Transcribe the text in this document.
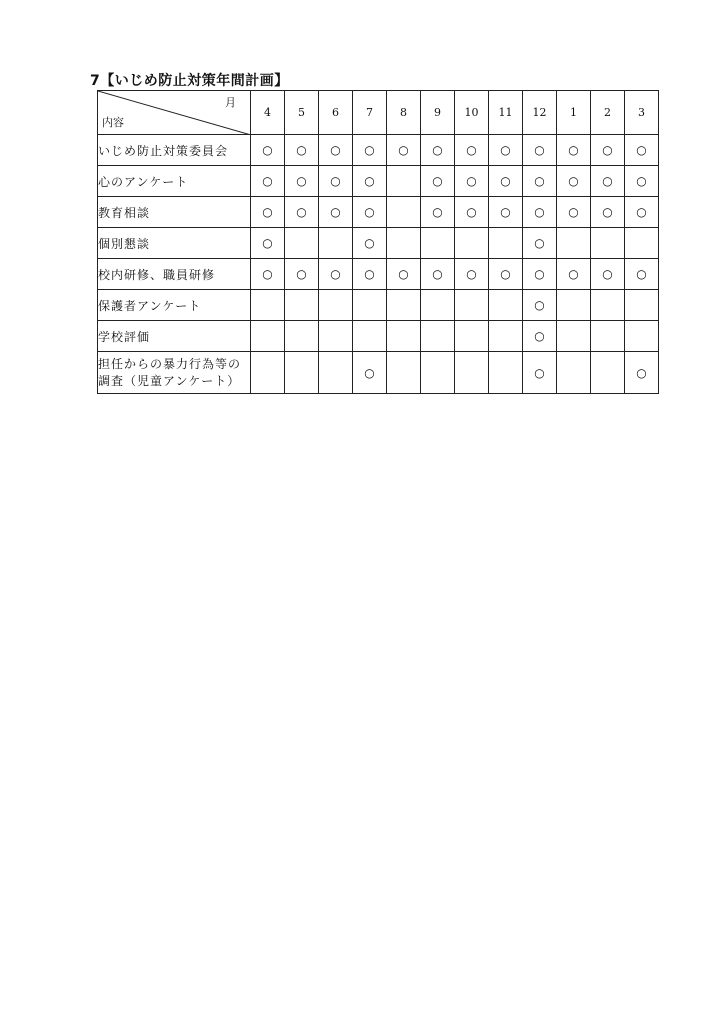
7【いじめ防止対策年間計画】
月
内容	4	5	6	7	8	9	10	11	12	1	2	3
いじめ防止対策委員会	○	○	○	○	○	○	○	○	○	○	○	○
心のアンケート	○	○	○	○		○	○	○	○	○	○	○
教育相談	○	○	○	○		○	○	○	○	○	○	○
個別懇談	○			○					○			
校内研修、職員研修	○	○	○	○	○	○	○	○	○	○	○	○
保護者アンケート									○			
学校評価									○			

担任からの暴力行為等の
調査（児童アンケート）				○					○			○
